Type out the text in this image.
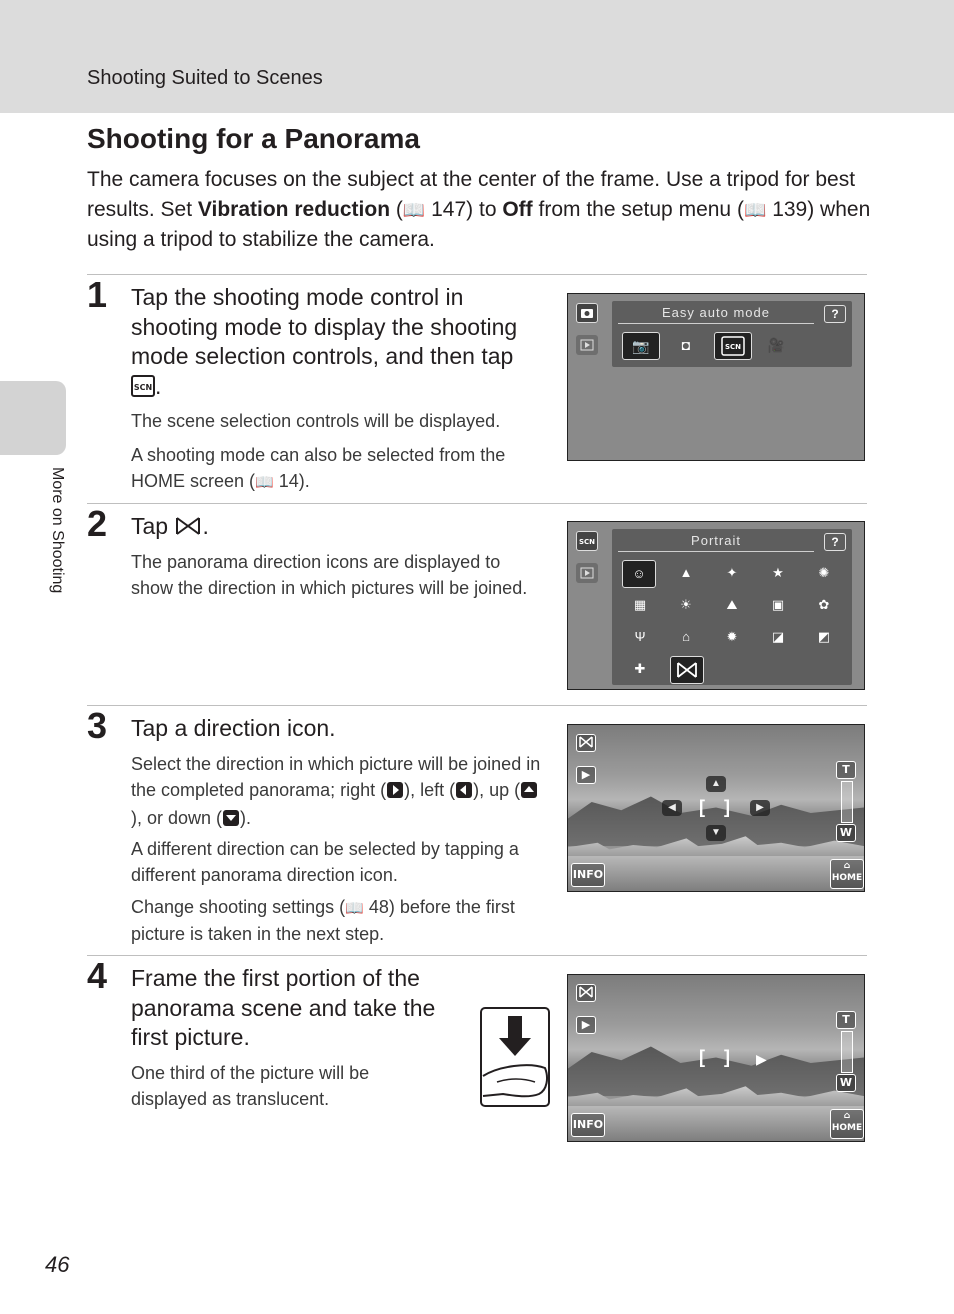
Shooting Suited to Scenes
More on Shooting
Shooting for a Panorama
The camera focuses on the subject at the center of the frame. Use a tripod for best results. Set Vibration reduction (📖 147) to Off from the setup menu (📖 139) when using a tripod to stabilize the camera.
1 Tap the shooting mode control in shooting mode to display the shooting mode selection controls, and then tap
SCN .
The scene selection controls will be displayed.
A shooting mode can also be selected from the HOME screen (📖 14).
Easy auto mode	?
📷	◘	SCN	🎥
2 Tap .
The panorama direction icons are displayed to show the direction in which pictures will be joined.
SCN	Portrait	?
☺	▲	✦	★	✺
▦	☀	⛰	▣	✿
Ψ	⌂	✹	◪	◩
✚
3 Tap a direction icon.
Select the direction in which picture will be joined in the completed panorama; right ( ), left ( ), up (), or down ( ).
A different direction can be selected by tapping a different panorama direction icon.
Change shooting settings (📖 48) before the first picture is taken in the next step.
▶
INFO
T
W
⌂
HOME
▲
◀	▶
▼
[ ]
4 Frame the first portion of the panorama scene and take the first picture.
One third of the picture will be displayed as translucent.
▶
INFO
T
W
⌂
HOME
[ ] ▶
46
